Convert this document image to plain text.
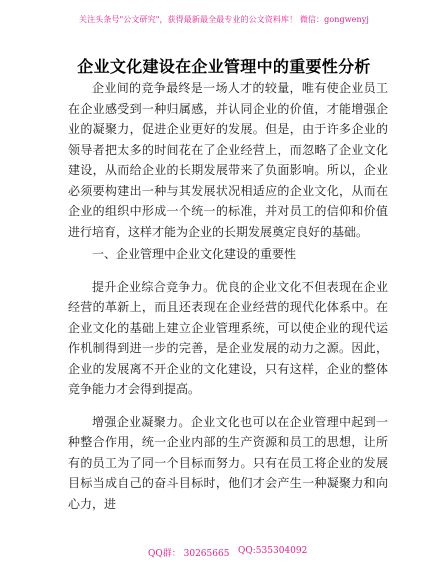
关注头条号"公文研究"，获得最新最全最专业的公文资料库！ 微信：gongwenyj
企业文化建设在企业管理中的重要性分析

企业间的竞争最终是一场人才的较量，唯有使企业员工在企业感受到一种归属感，并认同企业的价值，才能增强企业的凝聚力，促进企业更好的发展。但是，由于许多企业的领导者把太多的时间花在了企业经营上，而忽略了企业文化建设，从而给企业的长期发展带来了负面影响。所以，企业必须要构建出一种与其发展状况相适应的企业文化，从而在企业的组织中形成一个统一的标准，并对员工的信仰和价值进行培育，这样才能为企业的长期发展奠定良好的基础。

一、企业管理中企业文化建设的重要性

提升企业综合竞争力。优良的企业文化不但表现在企业经营的革新上，而且还表现在企业经营的现代化体系中。在企业文化的基础上建立企业管理系统，可以使企业的现代运作机制得到进一步的完善，是企业发展的动力之源。因此，企业的发展离不开企业的文化建设，只有这样，企业的整体竞争能力才会得到提高。

增强企业凝聚力。企业文化也可以在企业管理中起到一种整合作用，统一企业内部的生产资源和员工的思想，让所有的员工为了同一个目标而努力。只有在员工将企业的发展目标当成自己的奋斗目标时，他们才会产生一种凝聚力和向心力，进

QQ群： 30265665 QQ:535304092
